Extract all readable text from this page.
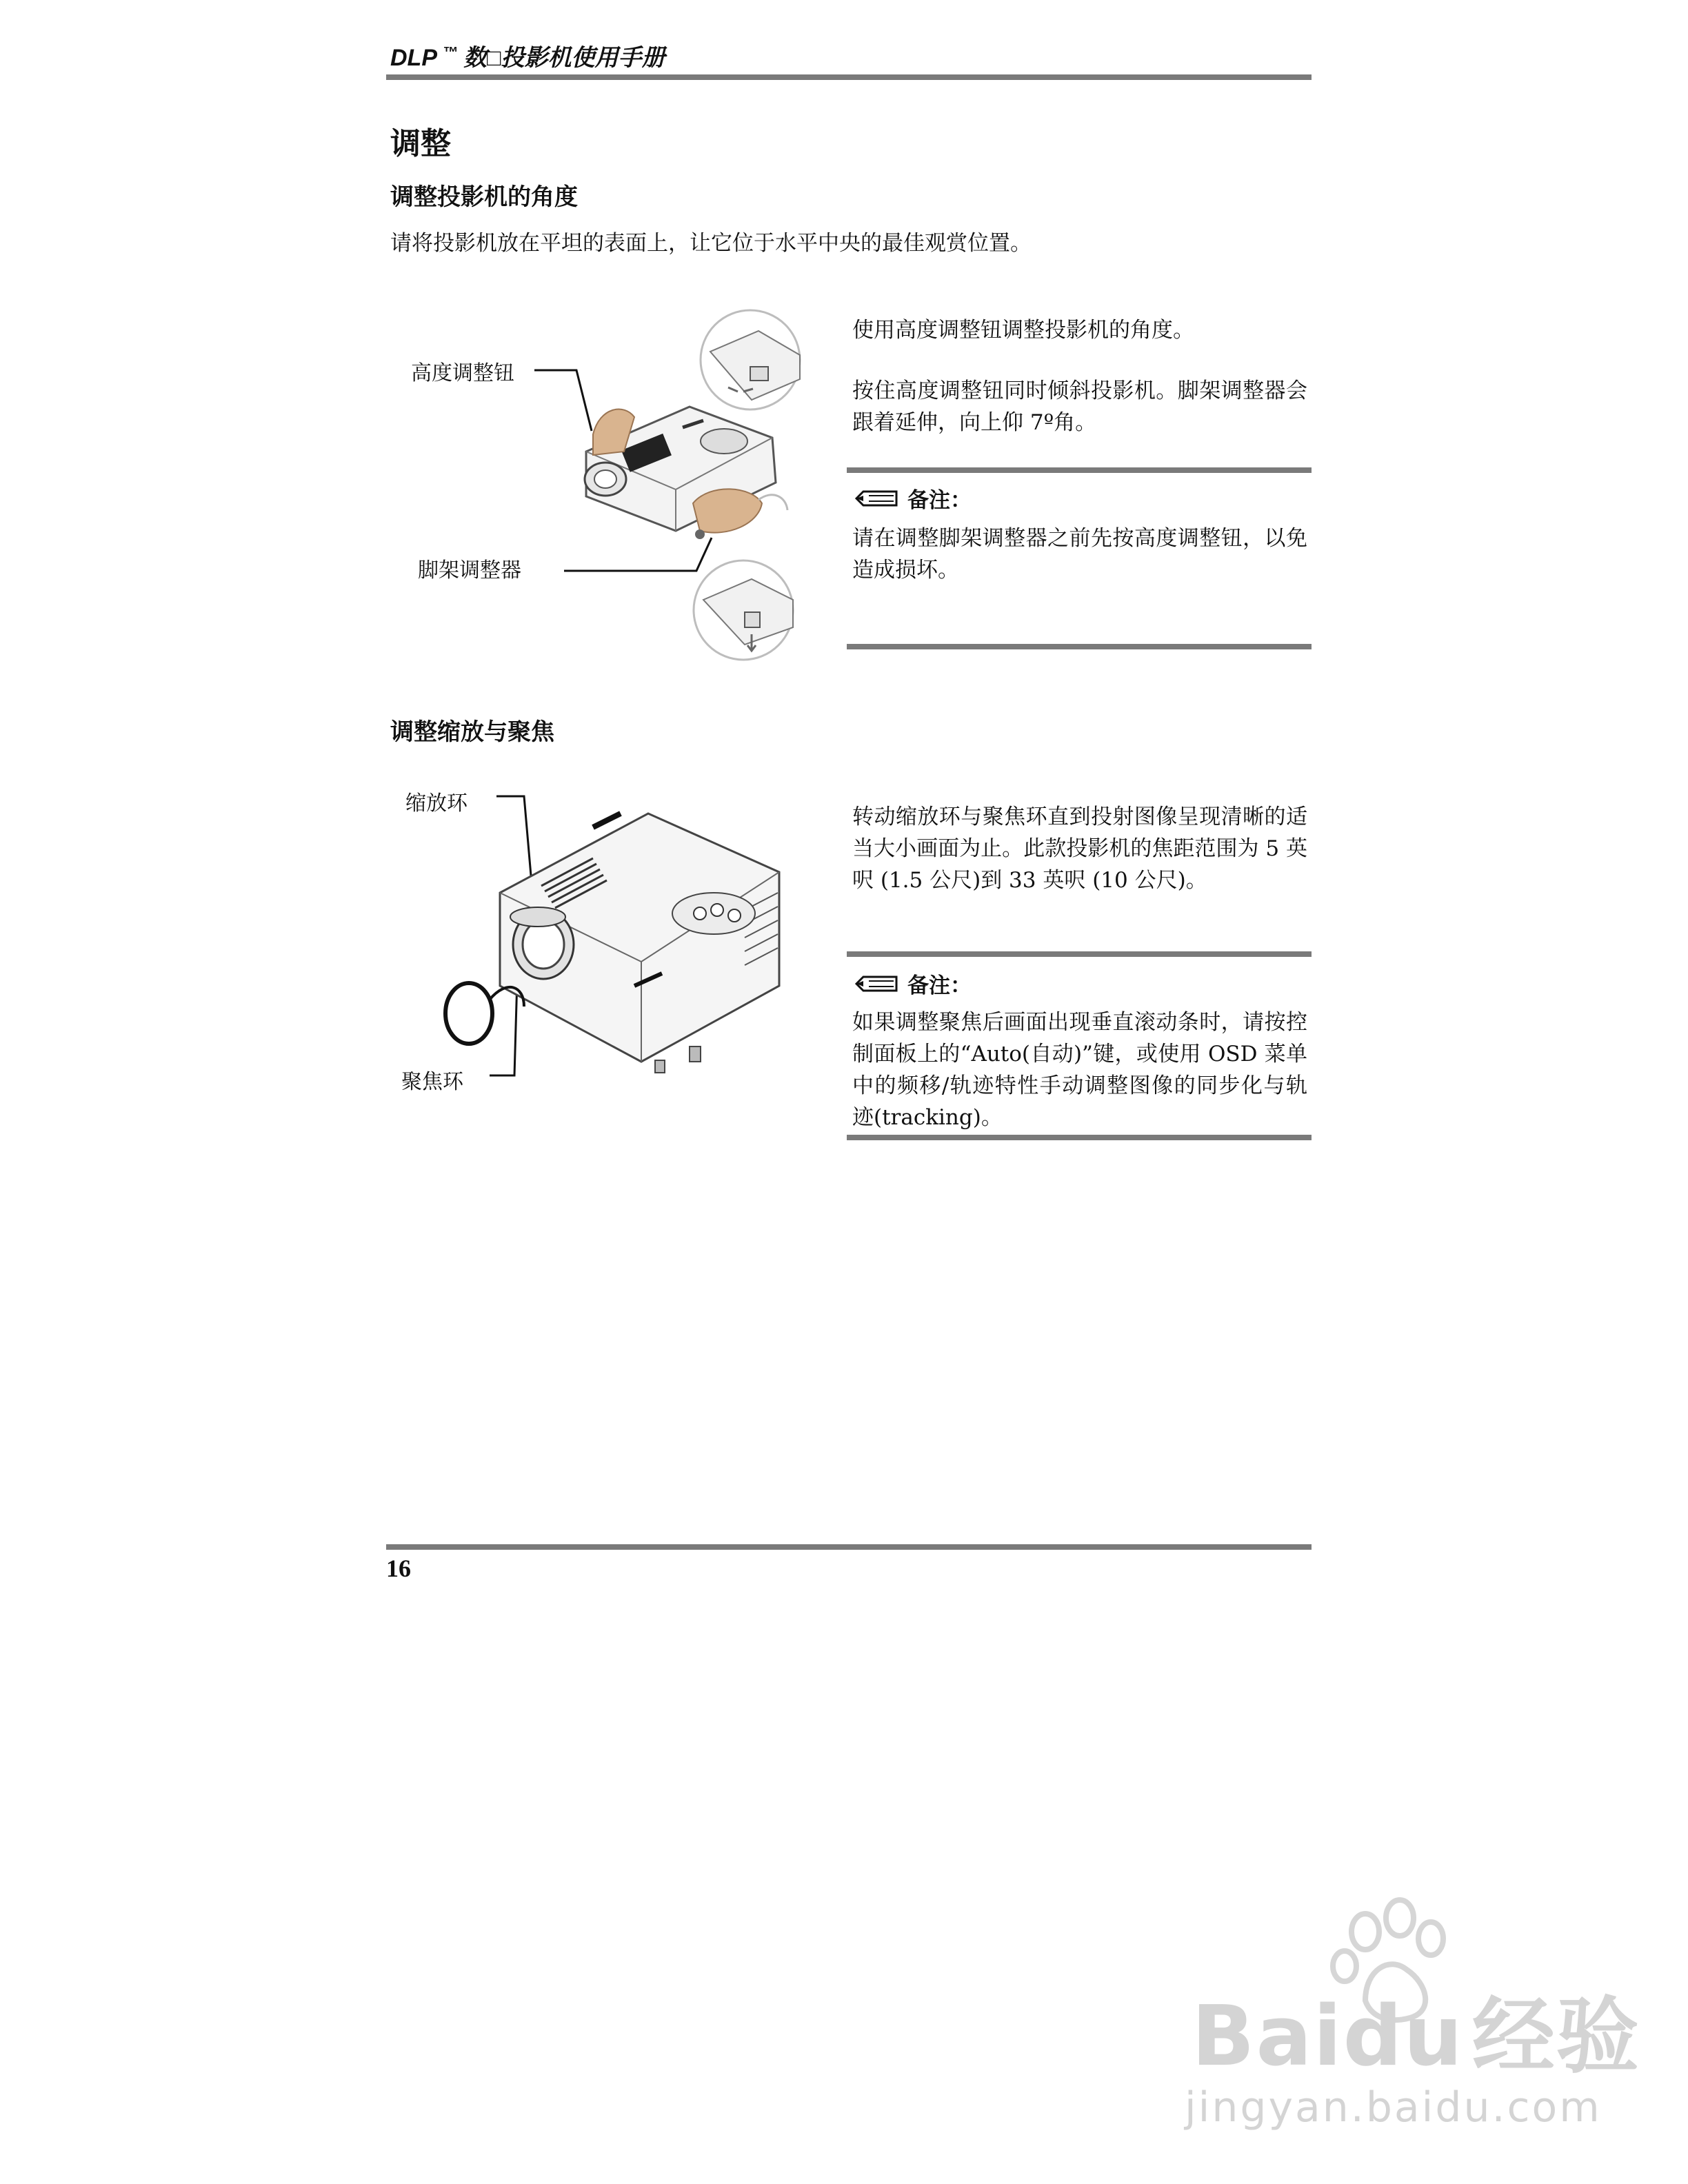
DLP ™ 数□投影机使用手册
调整
调整投影机的角度
请将投影机放在平坦的表面上，让它位于水平中央的最佳观赏位置。
高度调整钮
脚架调整器
使用高度调整钮调整投影机的角度。
按住高度调整钮同时倾斜投影机。脚架调整器会跟着延伸，向上仰 7º角。
备注：
请在调整脚架调整器之前先按高度调整钮，以免造成损坏。
调整缩放与聚焦
缩放环
聚焦环
转动缩放环与聚焦环直到投射图像呈现清晰的适当大小画面为止。此款投影机的焦距范围为 5 英呎 (1.5 公尺)到 33 英呎 (10 公尺)。
备注：
如果调整聚焦后画面出现垂直滚动条时，请按控制面板上的“Auto(自动)”键，或使用 OSD 菜单中的频移/轨迹特性手动调整图像的同步化与轨迹(tracking)。
16
Baidu 经验
jingyan.baidu.com
